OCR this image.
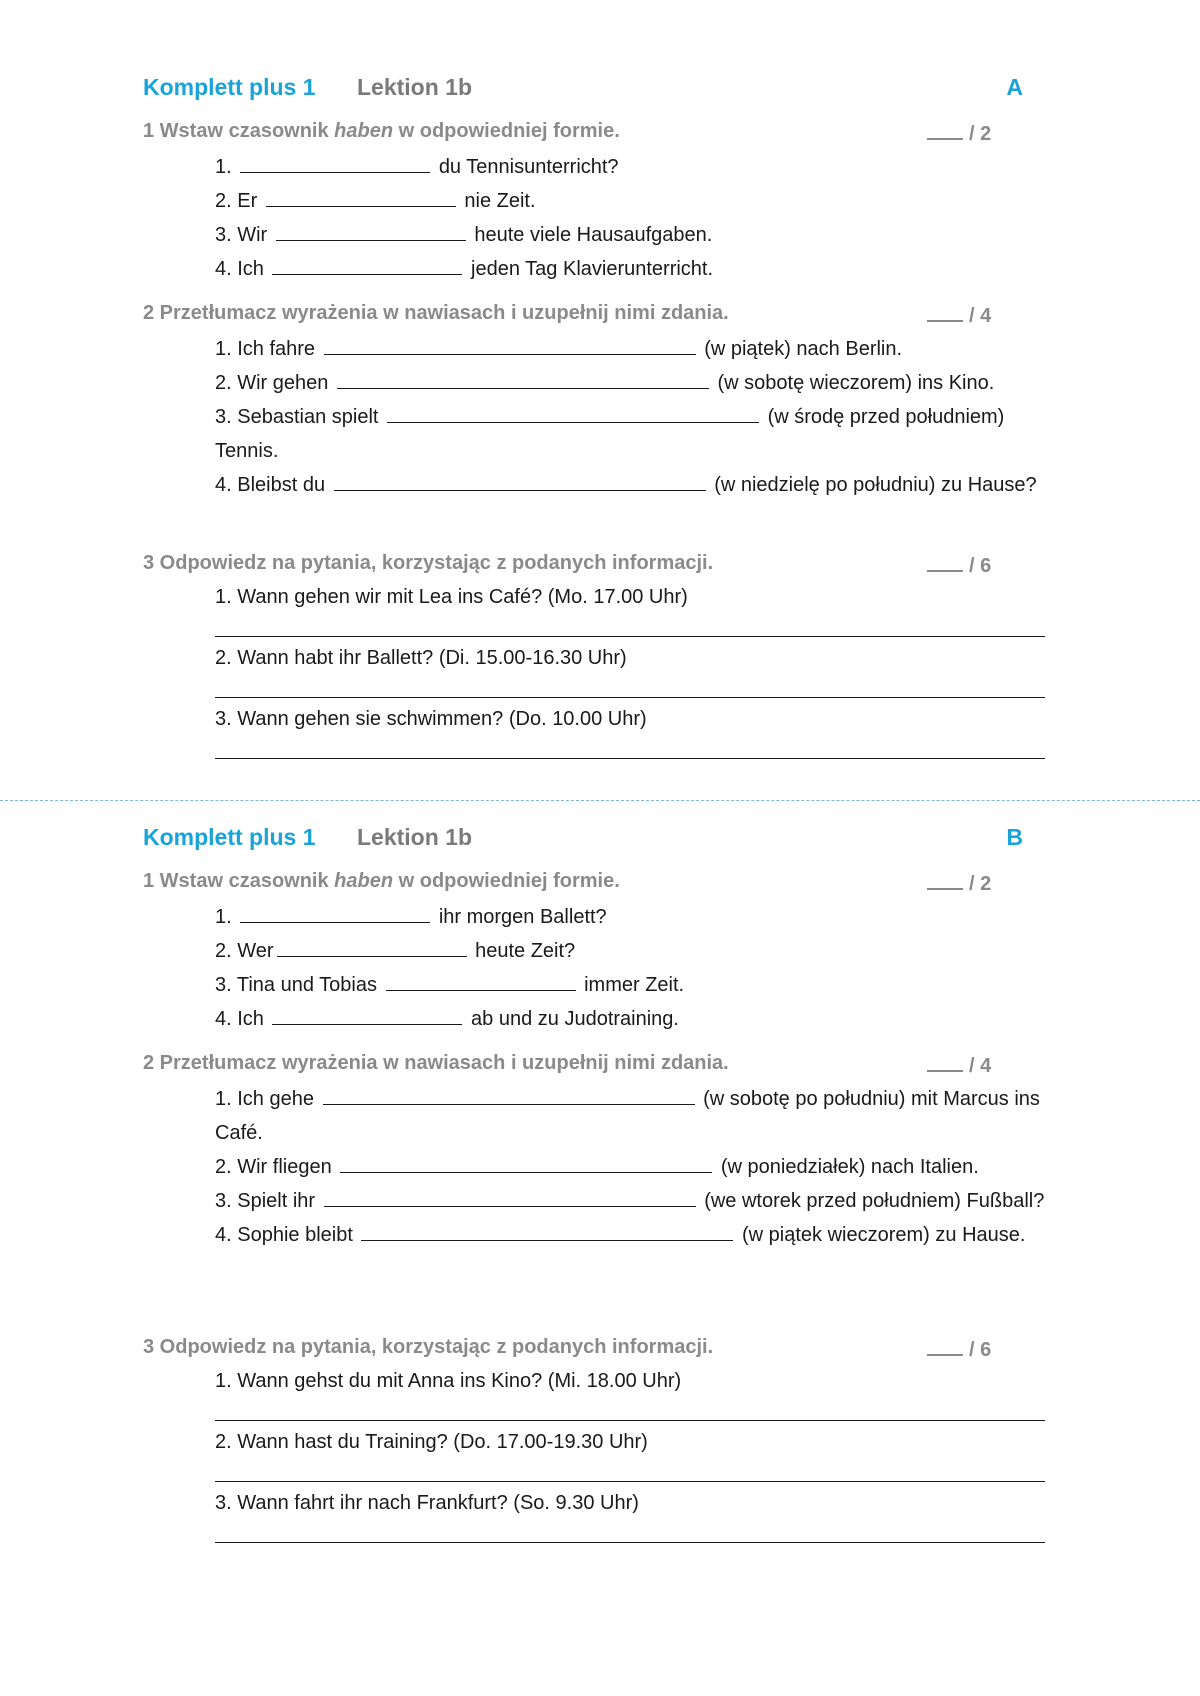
Komplett plus 1 Lektion 1b	A
1 Wstaw czasownik haben w odpowiedniej formie.	/ 2
1.	du Tennisunterricht?
2. Er	nie Zeit.
3. Wir	heute viele Hausaufgaben.
4. Ich	jeden Tag Klavierunterricht.
2 Przetłumacz wyrażenia w nawiasach i uzupełnij nimi zdania.	/ 4
1. Ich fahre	(w piątek) nach Berlin.
2. Wir gehen	(w sobotę wieczorem) ins Kino.
3. Sebastian spielt	(w środę przed południem) Tennis.
4. Bleibst du	(w niedzielę po południu) zu Hause?
3 Odpowiedz na pytania, korzystając z podanych informacji.	/ 6
1. Wann gehen wir mit Lea ins Café? (Mo. 17.00 Uhr)
2. Wann habt ihr Ballett? (Di. 15.00-16.30 Uhr)
3. Wann gehen sie schwimmen? (Do. 10.00 Uhr)
Komplett plus 1 Lektion 1b	B
1 Wstaw czasownik haben w odpowiedniej formie.	/ 2
1.	ihr morgen Ballett?
2. Wer	heute Zeit?
3. Tina und Tobias	immer Zeit.
4. Ich	ab und zu Judotraining.
2 Przetłumacz wyrażenia w nawiasach i uzupełnij nimi zdania.	/ 4
1. Ich gehe	(w sobotę po południu) mit Marcus ins Café.
2. Wir fliegen	(w poniedziałek) nach Italien.
3. Spielt ihr	(we wtorek przed południem) Fußball?
4. Sophie bleibt	(w piątek wieczorem) zu Hause.
3 Odpowiedz na pytania, korzystając z podanych informacji.	/ 6
1. Wann gehst du mit Anna ins Kino? (Mi. 18.00 Uhr)
2. Wann hast du Training? (Do. 17.00-19.30 Uhr)
3. Wann fahrt ihr nach Frankfurt? (So. 9.30 Uhr)
